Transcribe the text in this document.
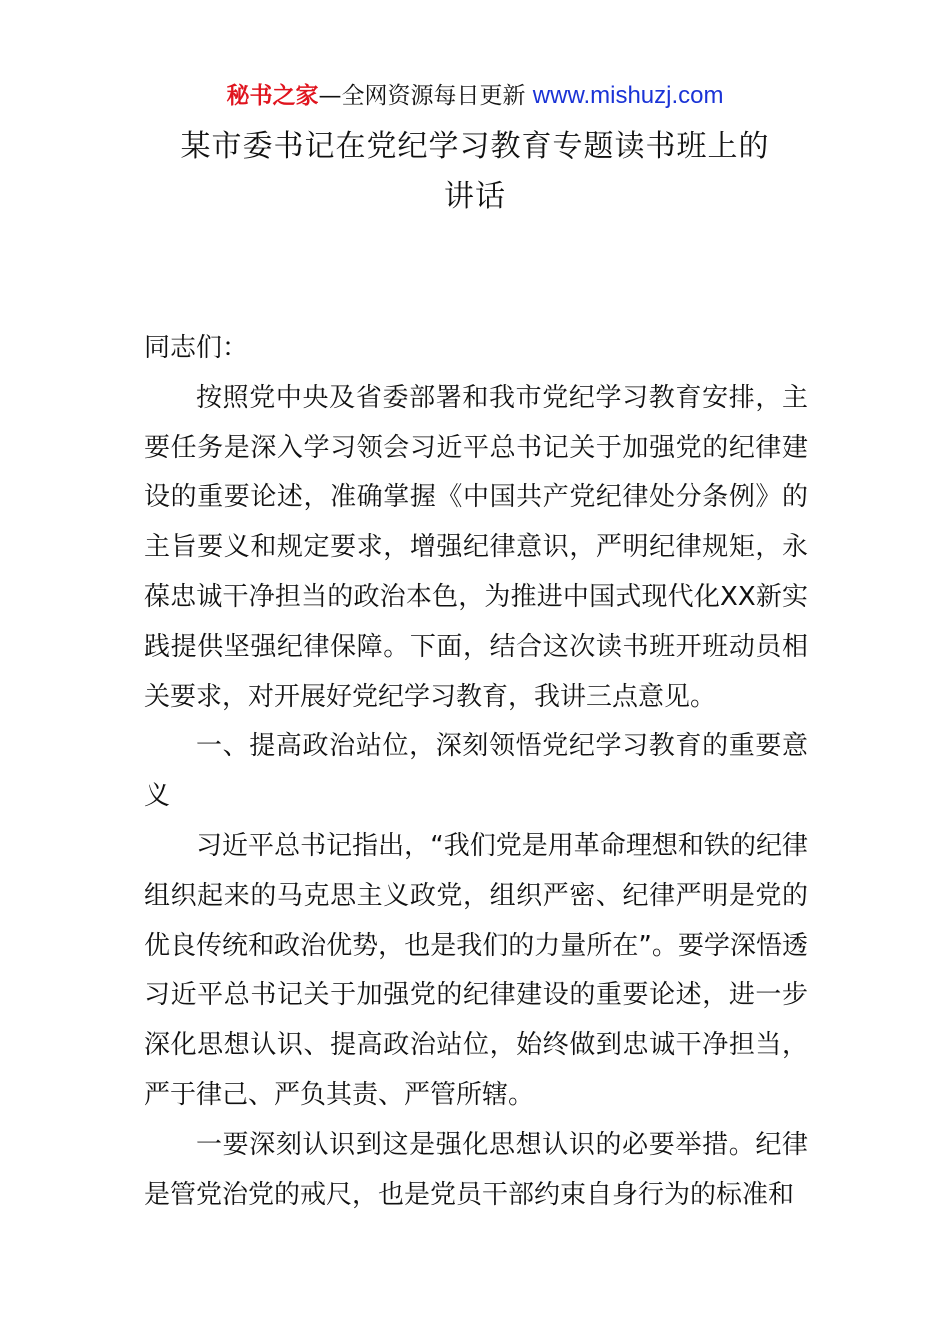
秘书之家—全网资源每日更新 www.mishuzj.com
某市委书记在党纪学习教育专题读书班上的
讲话

同志们：

按照党中央及省委部署和我市党纪学习教育安排，主要任务是深入学习领会习近平总书记关于加强党的纪律建设的重要论述，准确掌握《中国共产党纪律处分条例》的主旨要义和规定要求，增强纪律意识，严明纪律规矩，永葆忠诚干净担当的政治本色，为推进中国式现代化XX新实践提供坚强纪律保障。下面，结合这次读书班开班动员相关要求，对开展好党纪学习教育，我讲三点意见。

一、提高政治站位，深刻领悟党纪学习教育的重要意义

习近平总书记指出，“我们党是用革命理想和铁的纪律组织起来的马克思主义政党，组织严密、纪律严明是党的优良传统和政治优势，也是我们的力量所在”。要学深悟透习近平总书记关于加强党的纪律建设的重要论述，进一步深化思想认识、提高政治站位，始终做到忠诚干净担当，严于律己、严负其责、严管所辖。

一要深刻认识到这是强化思想认识的必要举措。纪律是管党治党的戒尺，也是党员干部约束自身行为的标准和
